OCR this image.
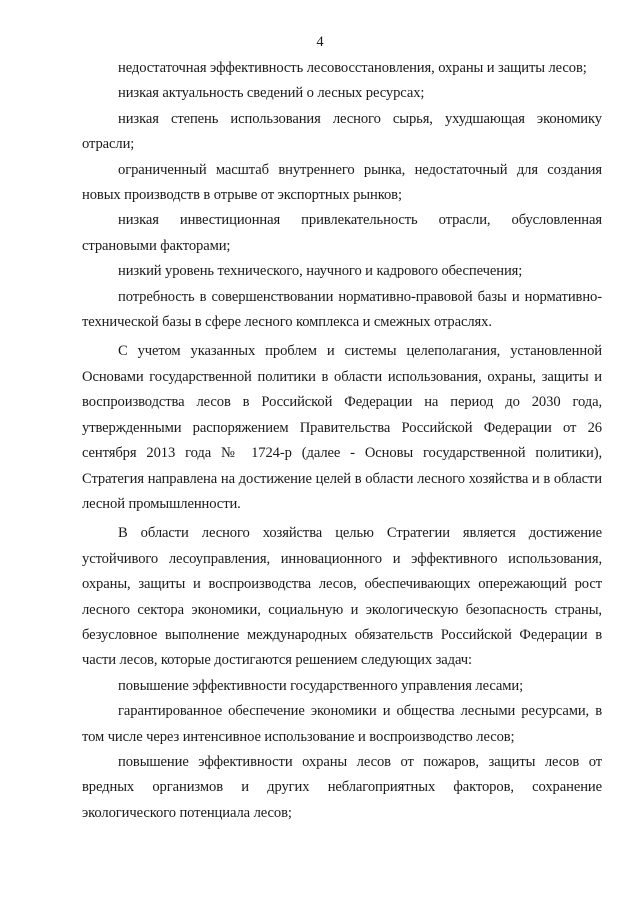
4

недостаточная эффективность лесовосстановления, охраны и защиты лесов;

низкая актуальность сведений о лесных ресурсах;

низкая степень использования лесного сырья, ухудшающая экономику отрасли;

ограниченный масштаб внутреннего рынка, недостаточный для создания новых производств в отрыве от экспортных рынков;

низкая инвестиционная привлекательность отрасли, обусловленная страновыми факторами;

низкий уровень технического, научного и кадрового обеспечения;

потребность в совершенствовании нормативно-правовой базы и нормативно-технической базы в сфере лесного комплекса и смежных отраслях.

С учетом указанных проблем и системы целеполагания, установленной Основами государственной политики в области использования, охраны, защиты и воспроизводства лесов в Российской Федерации на период до 2030 года, утвержденными распоряжением Правительства Российской Федерации от 26 сентября 2013 года № 1724-р (далее - Основы государственной политики), Стратегия направлена на достижение целей в области лесного хозяйства и в области лесной промышленности.

В области лесного хозяйства целью Стратегии является достижение устойчивого лесоуправления, инновационного и эффективного использования, охраны, защиты и воспроизводства лесов, обеспечивающих опережающий рост лесного сектора экономики, социальную и экологическую безопасность страны, безусловное выполнение международных обязательств Российской Федерации в части лесов, которые достигаются решением следующих задач:

повышение эффективности государственного управления лесами;

гарантированное обеспечение экономики и общества лесными ресурсами, в том числе через интенсивное использование и воспроизводство лесов;

повышение эффективности охраны лесов от пожаров, защиты лесов от вредных организмов и других неблагоприятных факторов, сохранение экологического потенциала лесов;
